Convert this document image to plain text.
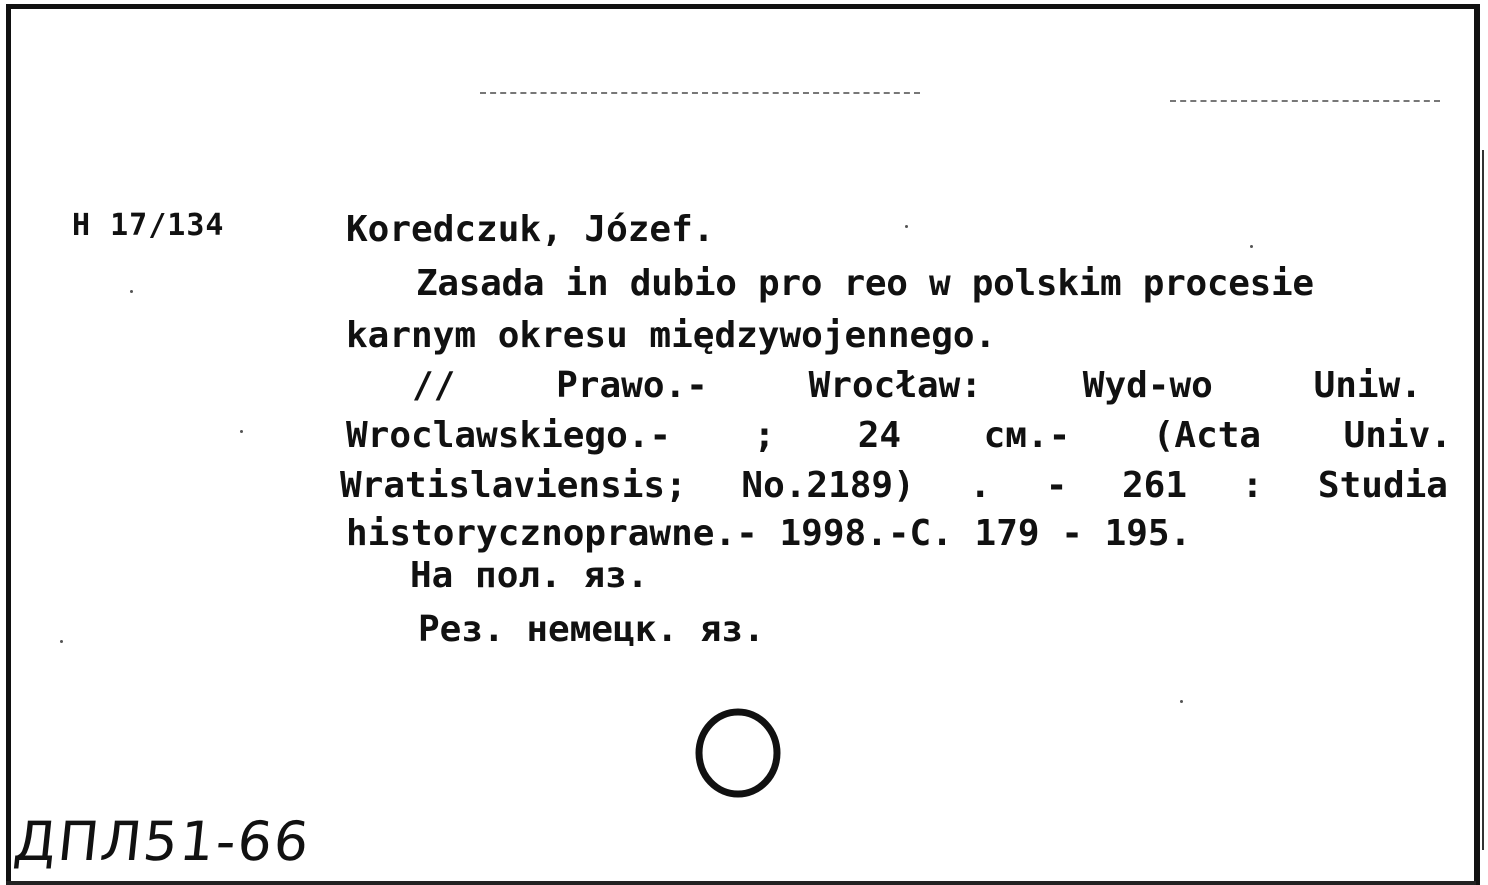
H 17/134	Koredczuk, Józef.
Zasada in dubio pro reo w polskim procesie
karnym okresu międzywojennego.
//	Prawo.-	Wrocław:	Wyd-wo	Uniw.
Wroclawskiego.- ; 24 см.- (Acta Univ.
Wratislaviensis; No.2189) . - 261 : Studia
historycznoprawne.- 1998.-С. 179 - 195.
На пол. яз.
Рез. немецк. яз.
ДПЛ51-66
